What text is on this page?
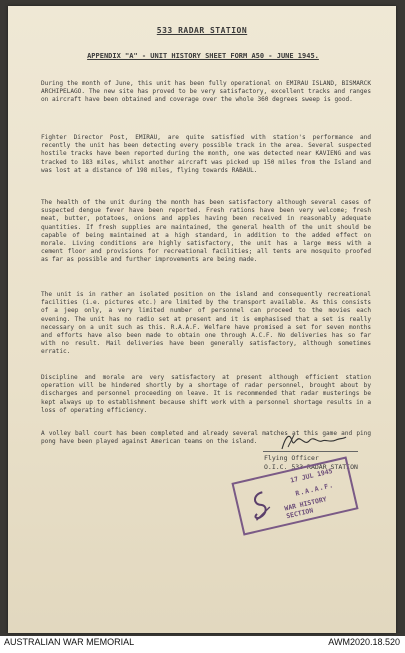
533 RADAR STATION
APPENDIX "A" - UNIT HISTORY SHEET FORM A50 - JUNE 1945.

During the month of June, this unit has been fully operational on EMIRAU ISLAND, BISMARCK ARCHIPELAGO. The new site has proved to be very satisfactory, excellent tracks and ranges on aircraft have been obtained and coverage over the whole 360 degrees sweep is good.

Fighter Director Post, EMIRAU, are quite satisfied with station's performance and recently the unit has been detecting every possible track in the area. Several suspected hostile tracks have been reported during the month, one was detected near KAVIENG and was tracked to 183 miles, whilst another aircraft was picked up 150 miles from the Island and was lost at a distance of 198 miles, flying towards RABAUL.

The health of the unit during the month has been satisfactory although several cases of suspected dengue fever have been reported. Fresh rations have been very welcome; fresh meat, butter, potatoes, onions and apples having been received in reasonably adequate quantities. If fresh supplies are maintained, the general health of the unit should be capable of being maintained at a high standard, in addition to the added effect on morale. Living conditions are highly satisfactory, the unit has a large mess with a cement floor and provisions for recreational facilities; all tents are mosquito proofed as far as possible and further improvements are being made.

The unit is in rather an isolated position on the island and consequently recreational facilities (i.e. pictures etc.) are limited by the transport available. As this consists of a jeep only, a very limited number of personnel can proceed to the movies each evening. The unit has no radio set at present and it is emphasised that a set is really necessary on a unit such as this. R.A.A.F. Welfare have promised a set for seven months and efforts have also been made to obtain one through A.C.F. No deliveries has so far with no result. Mail deliveries have been generally satisfactory, although sometimes erratic.

Discipline and morale are very satisfactory at present although efficient station operation will be hindered shortly by a shortage of radar personnel, brought about by discharges and personnel proceeding on leave. It is recommended that radar musterings be kept always up to establishment because shift work with a personnel shortage results in a loss of operating efficiency.

A volley ball court has been completed and already several matches at this game and ping pong have been played against American teams on the island.

Flying Officer
O.I.C. 533 RADAR STATION
17 JUL 1945
R.A.A.F.
WAR HISTORY SECTION
AUSTRALIAN WAR MEMORIAL	AWM2020.18.520
